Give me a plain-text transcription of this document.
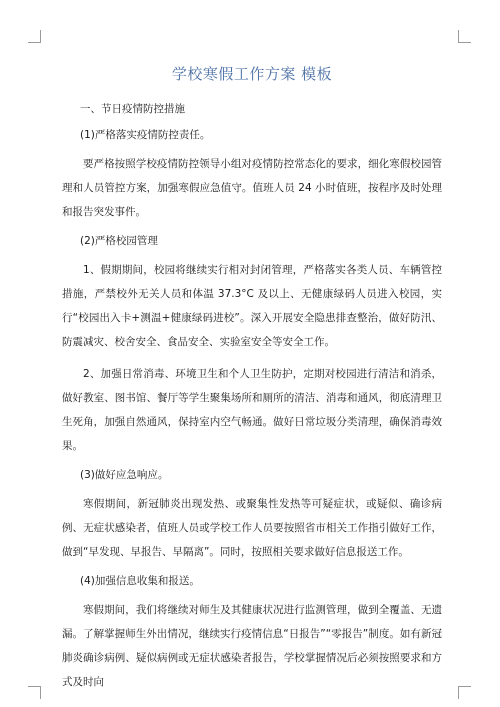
学校寒假工作方案 模板

一、节日疫情防控措施

(1)严格落实疫情防控责任。

要严格按照学校疫情防控领导小组对疫情防控常态化的要求，细化寒假校园管理和人员管控方案，加强寒假应急值守。值班人员 24 小时值班，按程序及时处理和报告突发事件。

(2)严格校园管理

1、假期期间，校园将继续实行相对封闭管理，严格落实各类人员、车辆管控措施，严禁校外无关人员和体温 37.3°C 及以上、无健康绿码人员进入校园，实行“校园出入卡+测温+健康绿码进校”。深入开展安全隐患排查整治，做好防汛、防震减灾、校舍安全、食品安全、实验室安全等安全工作。

2、加强日常消毒、环境卫生和个人卫生防护，定期对校园进行清洁和消杀，做好教室、图书馆、餐厅等学生聚集场所和厕所的清洁、消毒和通风，彻底清理卫生死角，加强自然通风，保持室内空气畅通。做好日常垃圾分类清理，确保消毒效果。

(3)做好应急响应。

寒假期间，新冠肺炎出现发热、或聚集性发热等可疑症状，或疑似、确诊病例、无症状感染者，值班人员或学校工作人员要按照省市相关工作指引做好工作，做到“早发现、早报告、早隔离”。同时，按照相关要求做好信息报送工作。

(4)加强信息收集和报送。

寒假期间，我们将继续对师生及其健康状况进行监测管理，做到全覆盖、无遗漏。了解掌握师生外出情况，继续实行疫情信息“日报告”“零报告”制度。如有新冠肺炎确诊病例、疑似病例或无症状感染者报告，学校掌握情况后必须按照要求和方式及时向
